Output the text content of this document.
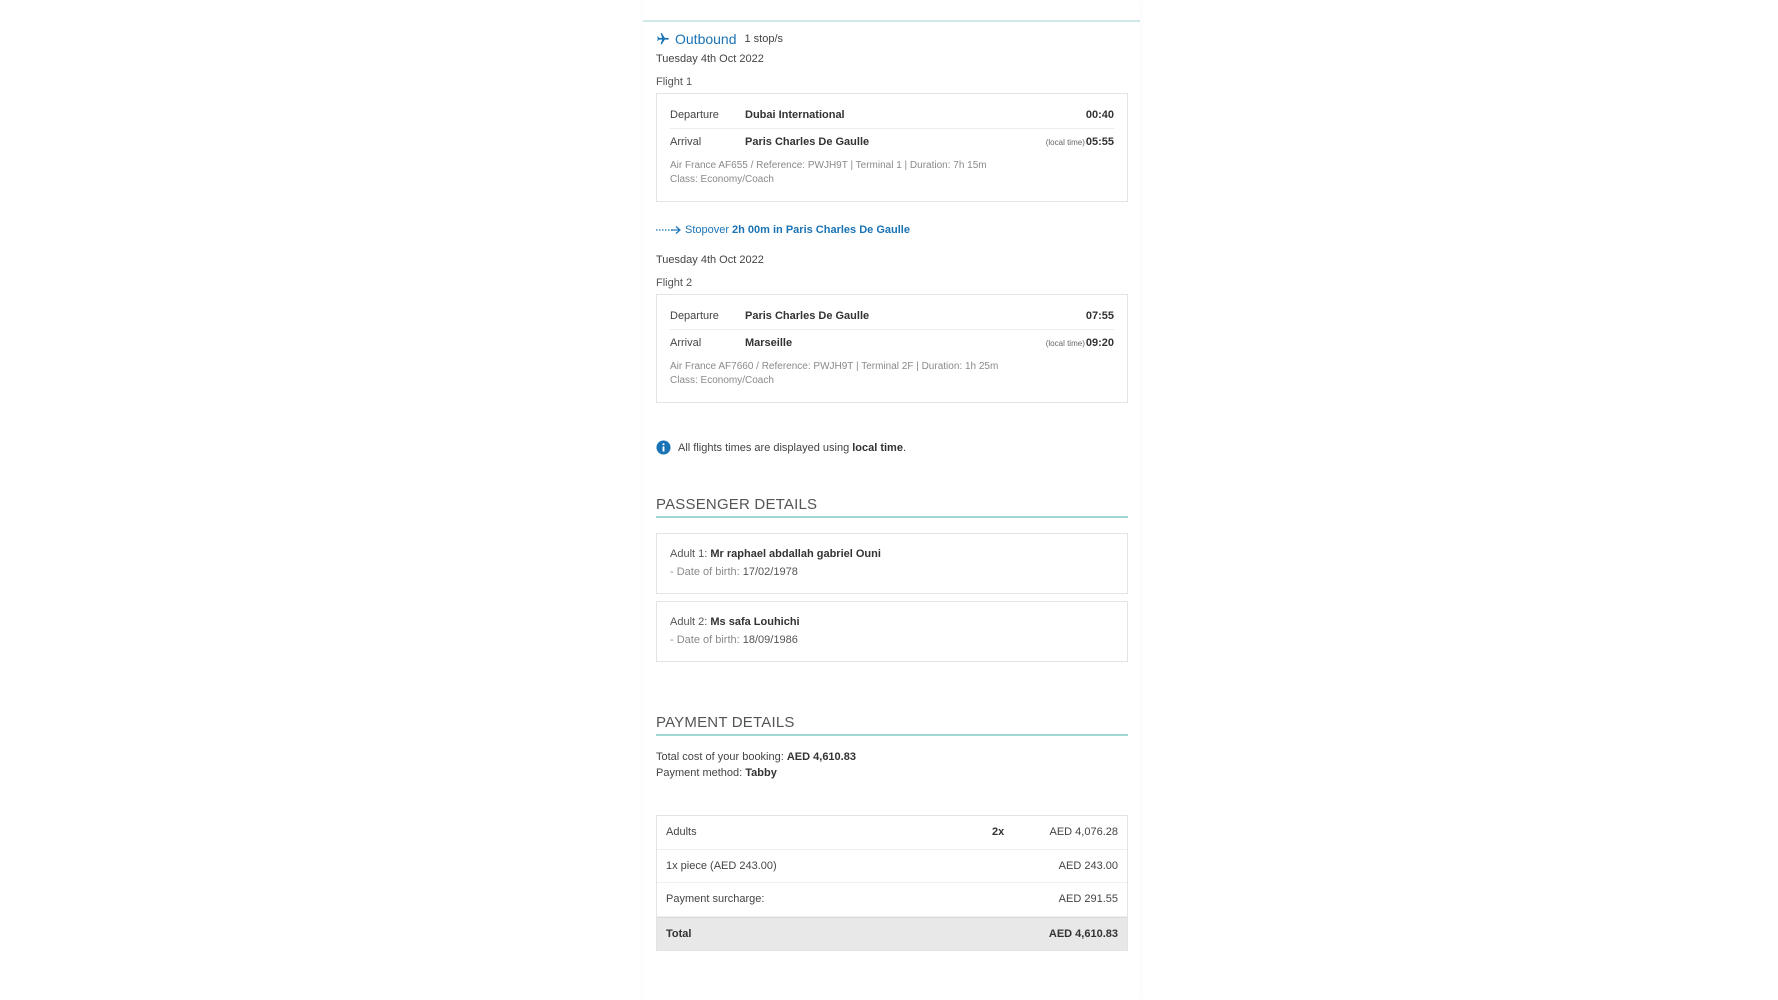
Outbound 1 stop/s
Tuesday 4th Oct 2022
Flight 1
Departure	Dubai International	00:40
Arrival	Paris Charles De Gaulle	(local time) 05:55
Air France AF655 / Reference: PWJH9T | Terminal 1 | Duration: 7h 15m
Class: Economy/Coach
Stopover 2h 00m in Paris Charles De Gaulle
Tuesday 4th Oct 2022
Flight 2
Departure	Paris Charles De Gaulle	07:55
Arrival	Marseille	(local time) 09:20
Air France AF7660 / Reference: PWJH9T | Terminal 2F | Duration: 1h 25m
Class: Economy/Coach
All flights times are displayed using local time .
PASSENGER DETAILS
Adult 1: Mr raphael abdallah gabriel Ouni
- Date of birth: 17/02/1978
Adult 2: Ms safa Louhichi
- Date of birth: 18/09/1986
PAYMENT DETAILS
Total cost of your booking: AED 4,610.83
Payment method: Tabby
Adults	2x	AED 4,076.28
1x piece (AED 243.00)	AED 243.00
Payment surcharge:	AED 291.55
Total	AED 4,610.83
